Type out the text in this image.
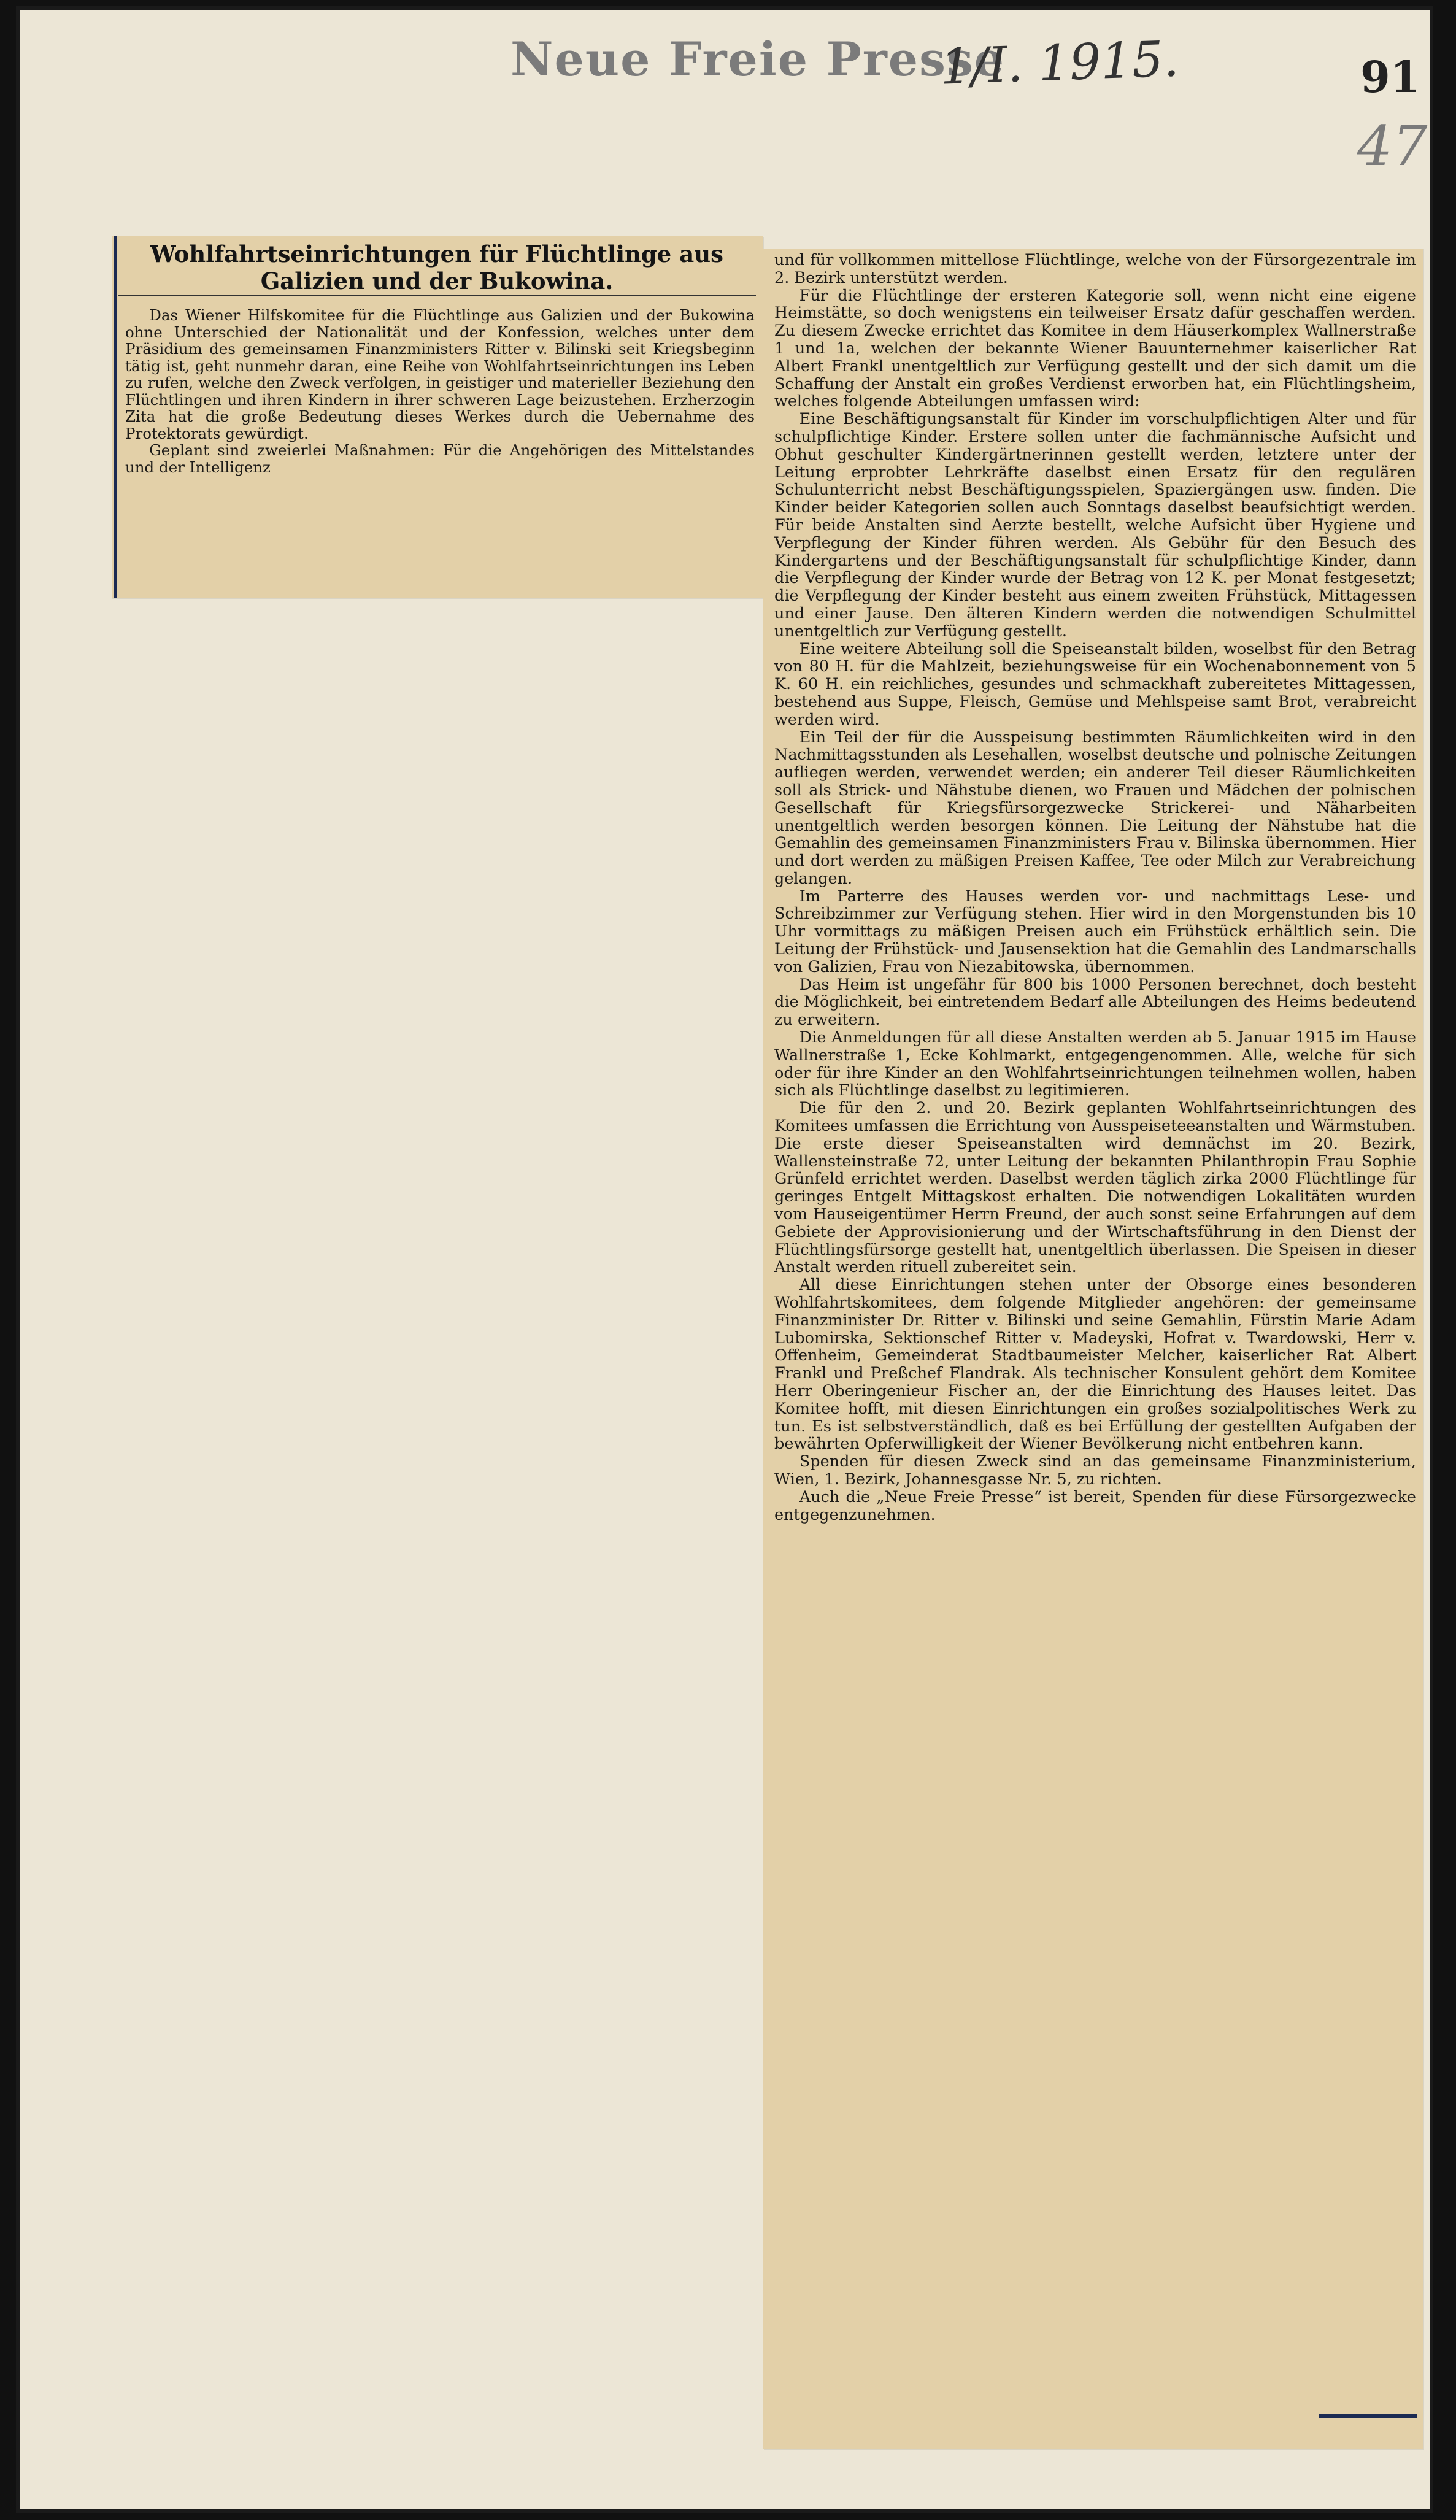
Neue Freie Presse
1/I. 1915.	91
47
Wohlfahrtseinrichtungen für Flüchtlinge aus Galizien und der Bukowina.

Das Wiener Hilfskomitee für die Flüchtlinge aus Galizien und der Bukowina ohne Unterschied der Nationalität und der Konfession, welches unter dem Präsidium des gemeinsamen Finanzministers Ritter v. Bilinski seit Kriegsbeginn tätig ist, geht nunmehr daran, eine Reihe von Wohlfahrtseinrichtungen ins Leben zu rufen, welche den Zweck verfolgen, in geistiger und materieller Beziehung den Flüchtlingen und ihren Kindern in ihrer schweren Lage beizustehen. Erzherzogin Zita hat die große Bedeutung dieses Werkes durch die Uebernahme des Protektorats gewürdigt.

Geplant sind zweierlei Maßnahmen: Für die Angehörigen des Mittelstandes und der Intelligenz

und für vollkommen mittellose Flüchtlinge, welche von der Fürsorgezentrale im 2. Bezirk unterstützt werden.

Für die Flüchtlinge der ersteren Kategorie soll, wenn nicht eine eigene Heimstätte, so doch wenigstens ein teilweiser Ersatz dafür geschaffen werden. Zu diesem Zwecke errichtet das Komitee in dem Häuserkomplex Wallnerstraße 1 und 1a, welchen der bekannte Wiener Bauunternehmer kaiserlicher Rat Albert Frankl unentgeltlich zur Verfügung gestellt und der sich damit um die Schaffung der Anstalt ein großes Verdienst erworben hat, ein Flüchtlingsheim, welches folgende Abteilungen umfassen wird:

Eine Beschäftigungsanstalt für Kinder im vorschulpflichtigen Alter und für schulpflichtige Kinder. Erstere sollen unter die fachmännische Aufsicht und Obhut geschulter Kindergärtnerinnen gestellt werden, letztere unter der Leitung erprobter Lehrkräfte daselbst einen Ersatz für den regulären Schulunterricht nebst Beschäftigungsspielen, Spaziergängen usw. finden. Die Kinder beider Kategorien sollen auch Sonntags daselbst beaufsichtigt werden. Für beide Anstalten sind Aerzte bestellt, welche Aufsicht über Hygiene und Verpflegung der Kinder führen werden. Als Gebühr für den Besuch des Kindergartens und der Beschäftigungsanstalt für schulpflichtige Kinder, dann die Verpflegung der Kinder wurde der Betrag von 12 K. per Monat festgesetzt; die Verpflegung der Kinder besteht aus einem zweiten Frühstück, Mittagessen und einer Jause. Den älteren Kindern werden die notwendigen Schulmittel unentgeltlich zur Verfügung gestellt.

Eine weitere Abteilung soll die Speiseanstalt bilden, woselbst für den Betrag von 80 H. für die Mahlzeit, beziehungsweise für ein Wochenabonnement von 5 K. 60 H. ein reichliches, gesundes und schmackhaft zubereitetes Mittagessen, bestehend aus Suppe, Fleisch, Gemüse und Mehlspeise samt Brot, verabreicht werden wird.

Ein Teil der für die Ausspeisung bestimmten Räumlichkeiten wird in den Nachmittagsstunden als Lesehallen, woselbst deutsche und polnische Zeitungen aufliegen werden, verwendet werden; ein anderer Teil dieser Räumlichkeiten soll als Strick- und Nähstube dienen, wo Frauen und Mädchen der polnischen Gesellschaft für Kriegsfürsorgezwecke Strickerei- und Näharbeiten unentgeltlich werden besorgen können. Die Leitung der Nähstube hat die Gemahlin des gemeinsamen Finanzministers Frau v. Bilinska übernommen. Hier und dort werden zu mäßigen Preisen Kaffee, Tee oder Milch zur Verabreichung gelangen.

Im Parterre des Hauses werden vor- und nachmittags Lese- und Schreibzimmer zur Verfügung stehen. Hier wird in den Morgenstunden bis 10 Uhr vormittags zu mäßigen Preisen auch ein Frühstück erhältlich sein. Die Leitung der Frühstück- und Jausensektion hat die Gemahlin des Landmarschalls von Galizien, Frau von Niezabitowska, übernommen.

Das Heim ist ungefähr für 800 bis 1000 Personen berechnet, doch besteht die Möglichkeit, bei eintretendem Bedarf alle Abteilungen des Heims bedeutend zu erweitern.

Die Anmeldungen für all diese Anstalten werden ab 5. Januar 1915 im Hause Wallnerstraße 1, Ecke Kohlmarkt, entgegengenommen. Alle, welche für sich oder für ihre Kinder an den Wohlfahrtseinrichtungen teilnehmen wollen, haben sich als Flüchtlinge daselbst zu legitimieren.

Die für den 2. und 20. Bezirk geplanten Wohlfahrtseinrichtungen des Komitees umfassen die Errichtung von Ausspeiseteeanstalten und Wärmstuben. Die erste dieser Speiseanstalten wird demnächst im 20. Bezirk, Wallensteinstraße 72, unter Leitung der bekannten Philanthropin Frau Sophie Grünfeld errichtet werden. Daselbst werden täglich zirka 2000 Flüchtlinge für geringes Entgelt Mittagskost erhalten. Die notwendigen Lokalitäten wurden vom Hauseigentümer Herrn Freund, der auch sonst seine Erfahrungen auf dem Gebiete der Approvisionierung und der Wirtschaftsführung in den Dienst der Flüchtlingsfürsorge gestellt hat, unentgeltlich überlassen. Die Speisen in dieser Anstalt werden rituell zubereitet sein.

All diese Einrichtungen stehen unter der Obsorge eines besonderen Wohlfahrtskomitees, dem folgende Mitglieder angehören: der gemeinsame Finanzminister Dr. Ritter v. Bilinski und seine Gemahlin, Fürstin Marie Adam Lubomirska, Sektionschef Ritter v. Madeyski, Hofrat v. Twardowski, Herr v. Offenheim, Gemeinderat Stadtbaumeister Melcher, kaiserlicher Rat Albert Frankl und Preßchef Flandrak. Als technischer Konsulent gehört dem Komitee Herr Oberingenieur Fischer an, der die Einrichtung des Hauses leitet. Das Komitee hofft, mit diesen Einrichtungen ein großes sozialpolitisches Werk zu tun. Es ist selbstverständlich, daß es bei Erfüllung der gestellten Aufgaben der bewährten Opferwilligkeit der Wiener Bevölkerung nicht entbehren kann.

Spenden für diesen Zweck sind an das gemeinsame Finanzministerium, Wien, 1. Bezirk, Johannesgasse Nr. 5, zu richten.

Auch die „Neue Freie Presse“ ist bereit, Spenden für diese Fürsorgezwecke entgegenzunehmen.
